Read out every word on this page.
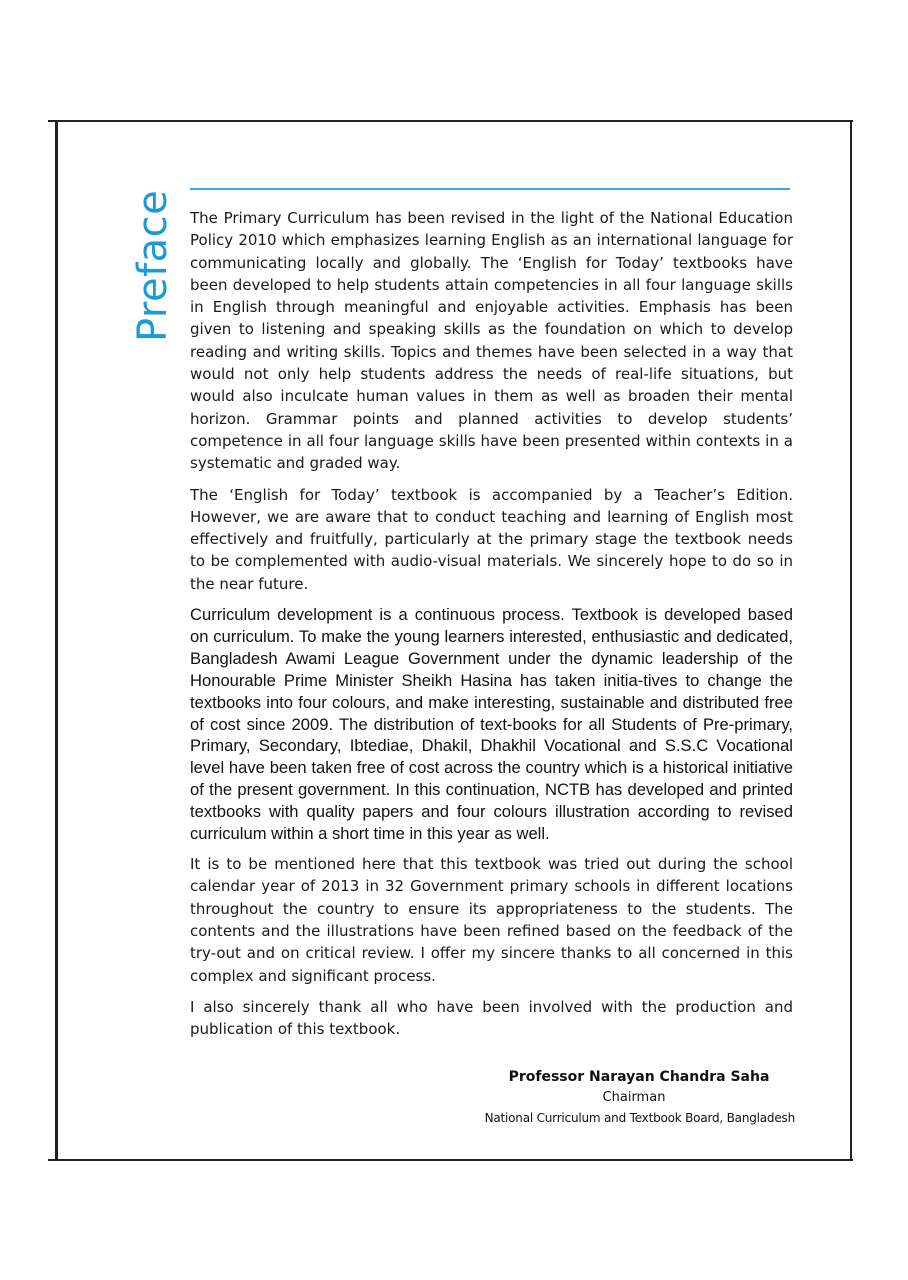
Preface The Primary Curriculum has been revised in the light of the National Education Policy 2010 which emphasizes learning English as an international language for communicating locally and globally. The ‘English for Today’ textbooks have been developed to help students attain competencies in all four language skills in English through meaningful and enjoyable activities. Emphasis has been given to listening and speaking skills as the foundation on which to develop reading and writing skills. Topics and themes have been selected in a way that would not only help students address the needs of real-life situations, but would also inculcate human values in them as well as broaden their mental horizon. Grammar points and planned activities to develop students’ competence in all four language skills have been presented within contexts in a systematic and graded way.

The ‘English for Today’ textbook is accompanied by a Teacher’s Edition. However, we are aware that to conduct teaching and learning of English most effectively and fruitfully, particularly at the primary stage the textbook needs to be complemented with audio-visual materials. We sincerely hope to do so in the near future.

Curriculum development is a continuous process. Textbook is developed based on curriculum. To make the young learners interested, enthusiastic and dedicated, Bangladesh Awami League Government under the dynamic leadership of the Honourable Prime Minister Sheikh Hasina has taken initia-tives to change the textbooks into four colours, and make interesting, sustainable and distributed free of cost since 2009. The distribution of text-books for all Students of Pre-primary, Primary, Secondary, Ibtediae, Dhakil, Dhakhil Vocational and S.S.C Vocational level have been taken free of cost across the country which is a historical initiative of the present government. In this continuation, NCTB has developed and printed textbooks with quality papers and four colours illustration according to revised curriculum within a short time in this year as well.

It is to be mentioned here that this textbook was tried out during the school calendar year of 2013 in 32 Government primary schools in different locations throughout the country to ensure its appropriateness to the students. The contents and the illustrations have been refined based on the feedback of the try-out and on critical review. I offer my sincere thanks to all concerned in this complex and significant process.

I also sincerely thank all who have been involved with the production and publication of this textbook.

Professor Narayan Chandra Saha
Chairman
National Curriculum and Textbook Board, Bangladesh
